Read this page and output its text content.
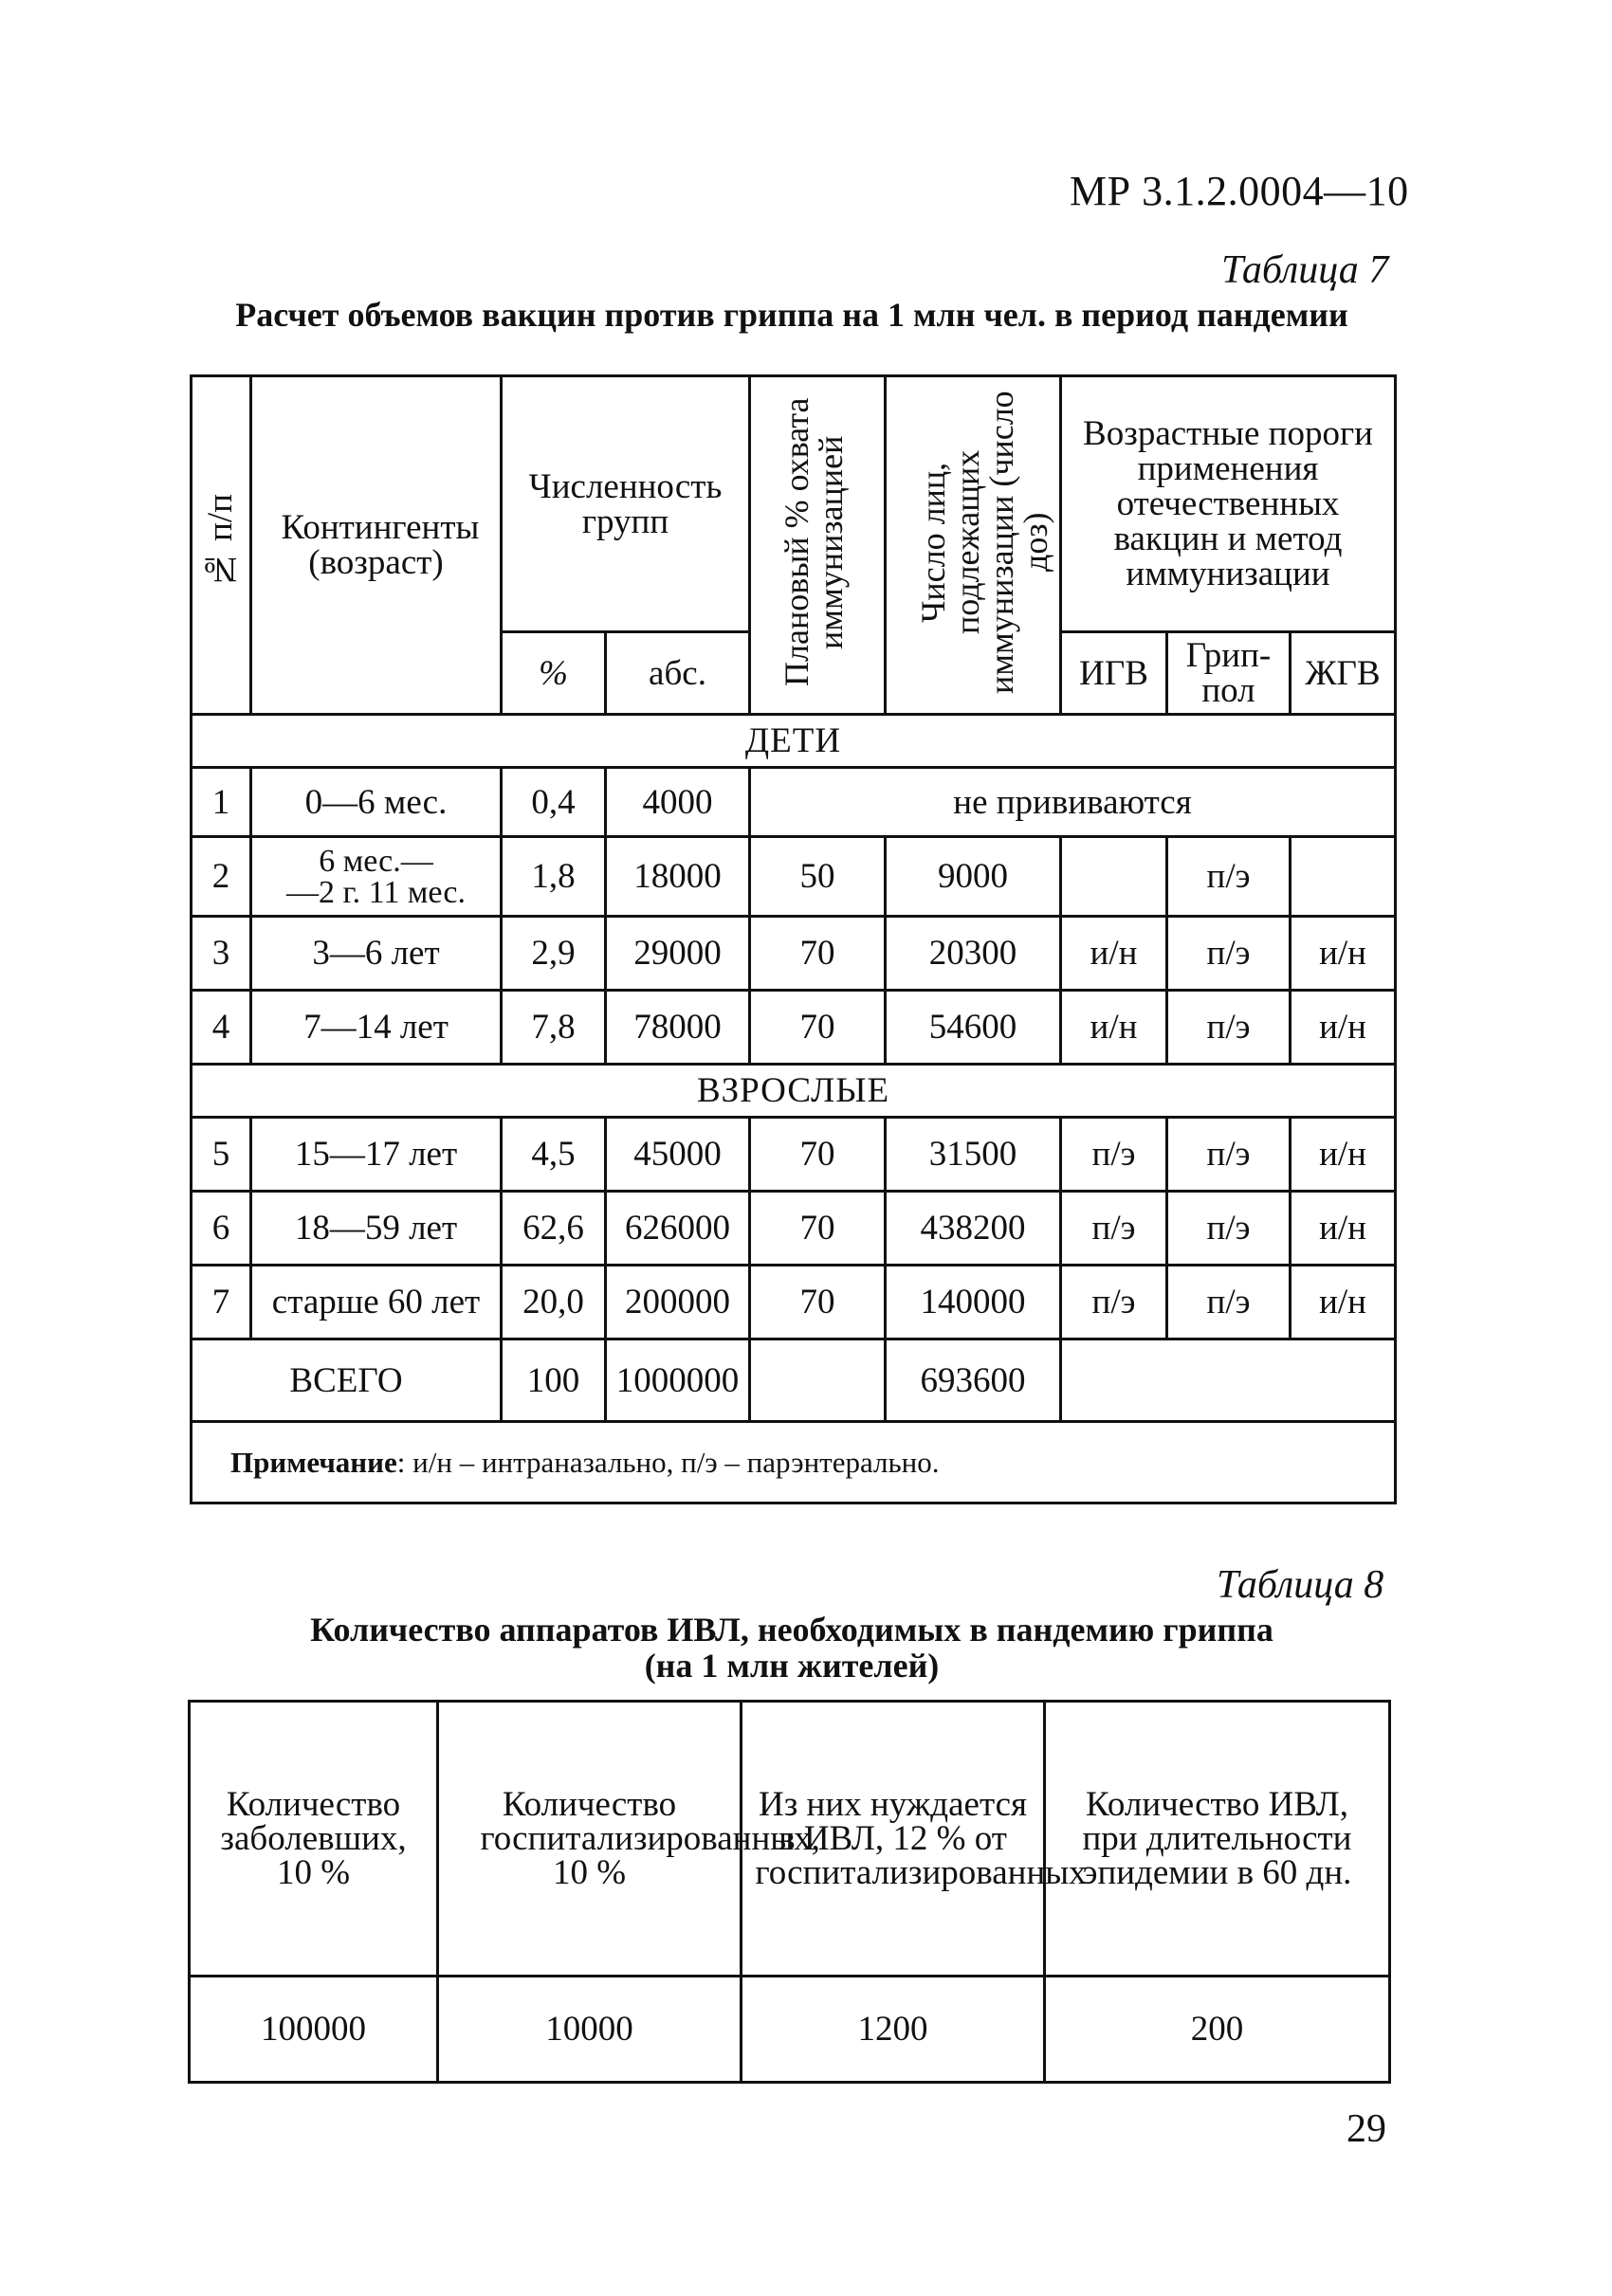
МР 3.1.2.0004—10
Таблица 7
Расчет объемов вакцин против гриппа на 1 млн чел. в период пандемии
№ п/п	Контингенты (возраст)	Численность групп		Плановый % охвата иммунизацией	Число лиц, подлежащих иммунизации (число доз)	Возрастные пороги применения отечественных вакцин и метод иммунизации		
		%	абс.			ИГВ	Грип-пол	ЖГВ
ДЕТИ								
1	0—6 мес.	0,4	4000	не прививаются				
2	6 мес.—
—2 г. 11 мес.	1,8	18000	50	9000		п/э	
3	3—6 лет	2,9	29000	70	20300	и/н	п/э	и/н
4	7—14 лет	7,8	78000	70	54600	и/н	п/э	и/н
ВЗРОСЛЫЕ								
5	15—17 лет	4,5	45000	70	31500	п/э	п/э	и/н
6	18—59 лет	62,6	626000	70	438200	п/э	п/э	и/н
7	старше 60 лет	20,0	200000	70	140000	п/э	п/э	и/н
ВСЕГО		100	1000000		693600			
Примечание: и/н – интраназально, п/э – парэнтерально.								
Таблица 8
Количество аппаратов ИВЛ, необходимых в пандемию гриппа
(на 1 млн жителей)
Количество заболевших, 10 %	Количество госпитализированных, 10 %	Из них нуждается в ИВЛ, 12 % от госпитализированных	Количество ИВЛ, при длительности эпидемии в 60 дн.
100000	10000	1200	200
29
